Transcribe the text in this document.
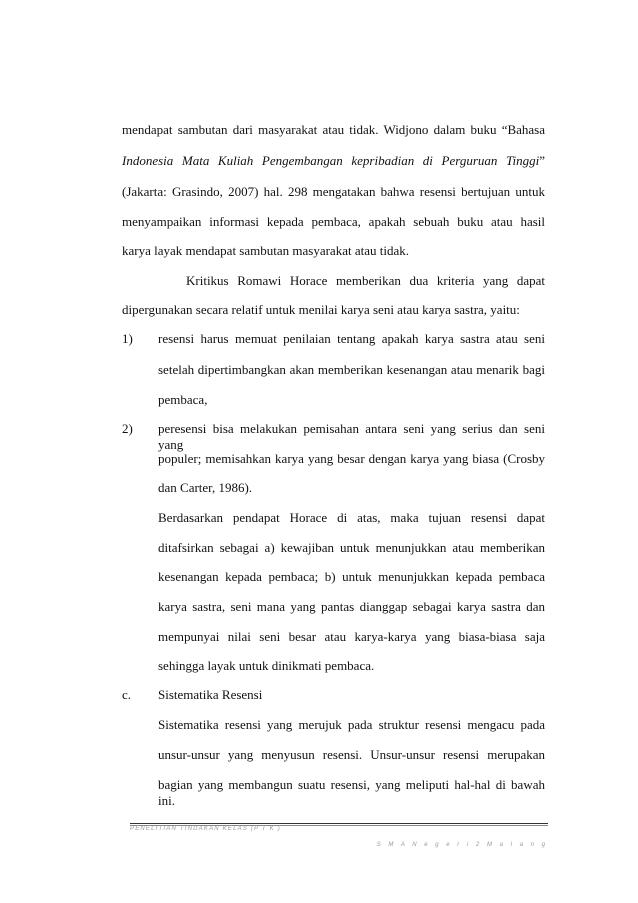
mendapat sambutan dari masyarakat atau tidak. Widjono dalam buku “Bahasa
Indonesia Mata Kuliah Pengembangan kepribadian di Perguruan Tinggi”
(Jakarta: Grasindo, 2007) hal. 298 mengatakan bahwa resensi bertujuan untuk
menyampaikan informasi kepada pembaca, apakah sebuah buku atau hasil
karya layak mendapat sambutan masyarakat atau tidak.
Kritikus Romawi Horace memberikan dua kriteria yang dapat
dipergunakan secara relatif untuk menilai karya seni atau karya sastra, yaitu:
1) resensi harus memuat penilaian tentang apakah karya sastra atau seni
setelah dipertimbangkan akan memberikan kesenangan atau menarik bagi
pembaca,
2) peresensi bisa melakukan pemisahan antara seni yang serius dan seni yang
populer; memisahkan karya yang besar dengan karya yang biasa (Crosby
dan Carter, 1986).
Berdasarkan pendapat Horace di atas, maka tujuan resensi dapat
ditafsirkan sebagai a) kewajiban untuk menunjukkan atau memberikan
kesenangan kepada pembaca; b) untuk menunjukkan kepada pembaca
karya sastra, seni mana yang pantas dianggap sebagai karya sastra dan
mempunyai nilai seni besar atau karya-karya yang biasa-biasa saja
sehingga layak untuk dinikmati pembaca.
c. Sistematika Resensi
Sistematika resensi yang merujuk pada struktur resensi mengacu pada
unsur-unsur yang menyusun resensi. Unsur-unsur resensi merupakan
bagian yang membangun suatu resensi, yang meliputi hal-hal di bawah ini.
PENELITIAN TINDAKAN KELAS (P T K )
S M A N e g e r i 2 M a l a n g
